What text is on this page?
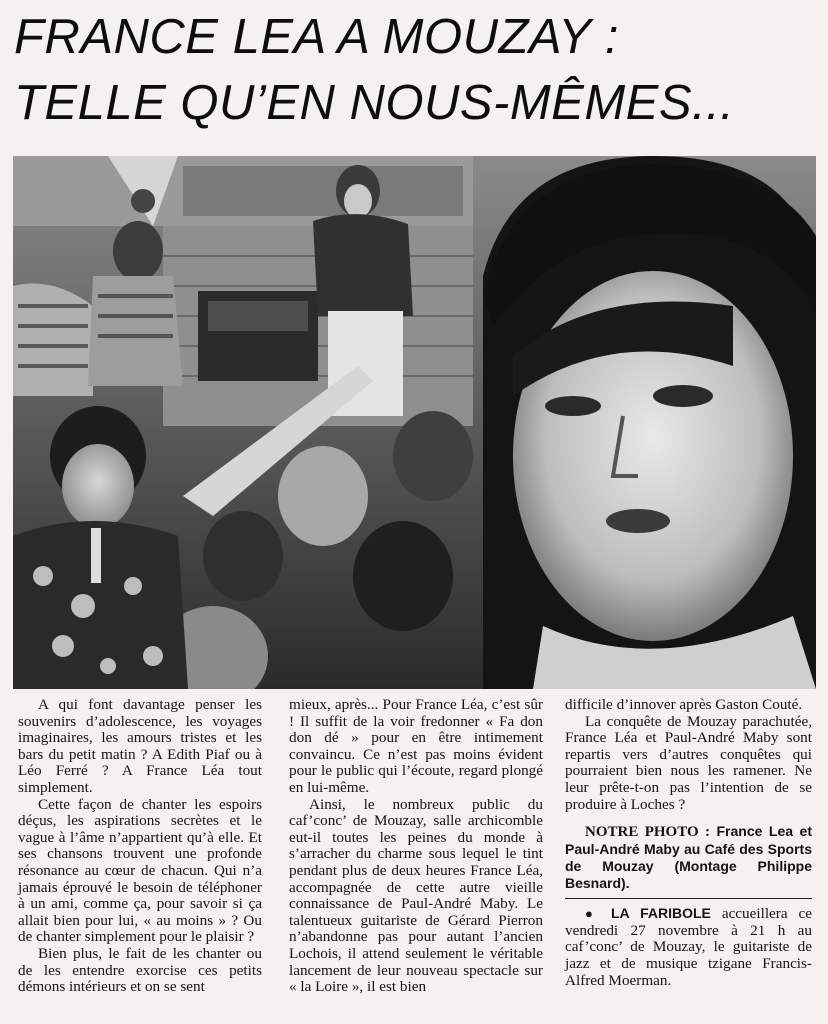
FRANCE LEA A MOUZAY :
TELLE QU’EN NOUS-MÊMES...

A qui font davantage penser les souvenirs d’adolescence, les voyages imaginaires, les amours tristes et les bars du petit matin ? A Edith Piaf ou à Léo Ferré ? A France Léa tout simplement.

Cette façon de chanter les espoirs déçus, les aspirations secrètes et le vague à l’âme n’appartient qu’à elle. Et ses chansons trouvent une profonde résonance au cœur de chacun. Qui n’a jamais éprouvé le besoin de téléphoner à un ami, comme ça, pour savoir si ça allait bien pour lui, « au moins » ? Ou de chanter simplement pour le plaisir ?

Bien plus, le fait de les chanter ou de les entendre exorcise ces petits démons intérieurs et on se sent

mieux, après... Pour France Léa, c’est sûr ! Il suffit de la voir fredonner « Fa don don dé » pour en être intimement convaincu. Ce n’est pas moins évident pour le public qui l’écoute, regard plongé en lui-même.

Ainsi, le nombreux public du caf’conc’ de Mouzay, salle archicomble eut-il toutes les peines du monde à s’arracher du charme sous lequel le tint pendant plus de deux heures France Léa, accompagnée de cette autre vieille connaissance de Paul-André Maby. Le talentueux guitariste de Gérard Pierron n’abandonne pas pour autant l’ancien Lochois, il attend seulement le véritable lancement de leur nouveau spectacle sur « la Loire », il est bien

difficile d’innover après Gaston Couté.

La conquête de Mouzay parachutée, France Léa et Paul-André Maby sont repartis vers d’autres conquêtes qui pourraient bien nous les ramener. Ne leur prête-t-on pas l’intention de se produire à Loches ?

NOTRE PHOTO : France Lea et Paul-André Maby au Café des Sports de Mouzay (Montage Philippe Besnard).

● LA FARIBOLE accueillera ce vendredi 27 novembre à 21 h au caf’conc’ de Mouzay, le guitariste de jazz et de musique tzigane Francis-Alfred Moerman.
